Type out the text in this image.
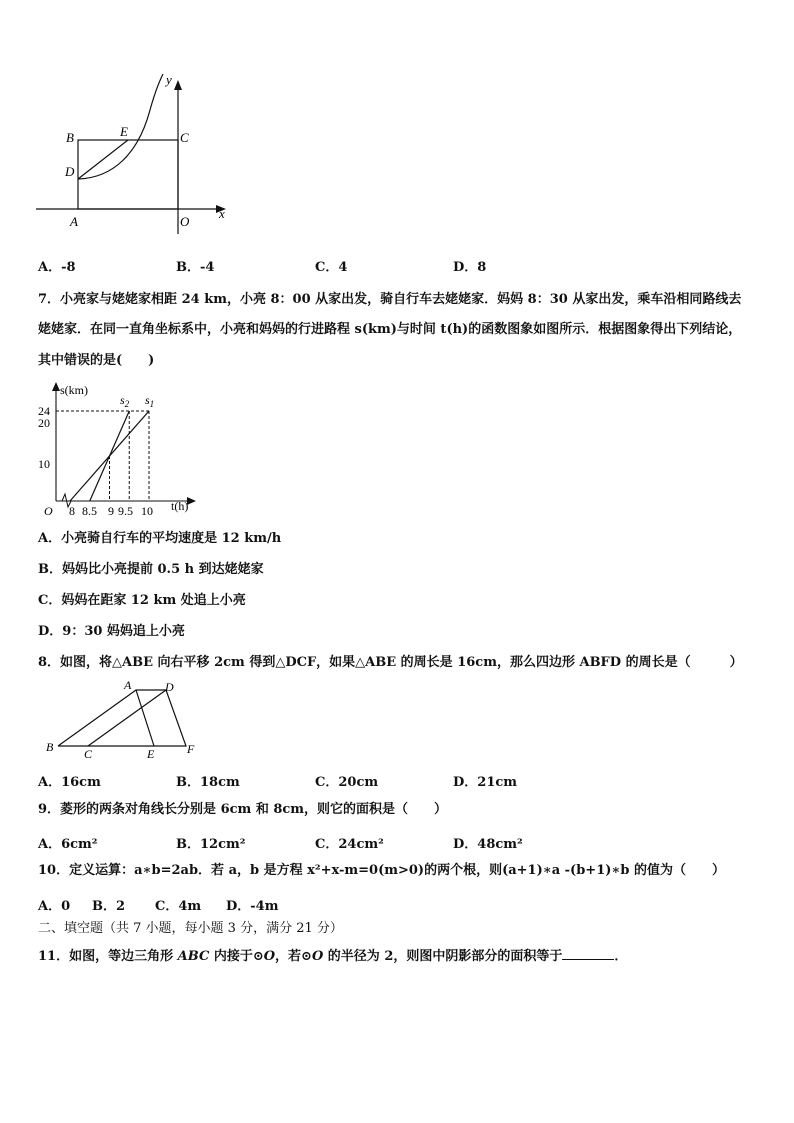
y
x
B	E	C
D
A	O
A．-8	B．-4	C．4	D．8
7．小亮家与姥姥家相距 24 km，小亮 8：00 从家出发，骑自行车去姥姥家．妈妈 8：30 从家出发，乘车沿相同路线去
姥姥家．在同一直角坐标系中，小亮和妈妈的行进路程 s(km)与时间 t(h)的函数图象如图所示．根据图象得出下列结论，
其中错误的是(　　)
s(km)
t(h)
O
24
20
10
8 8.5 9 9.5 10
$s_2$ $s_1$
A．小亮骑自行车的平均速度是 12 km/h
B．妈妈比小亮提前 0.5 h 到达姥姥家
C．妈妈在距家 12 km 处追上小亮
D．9：30 妈妈追上小亮
8．如图，将△ABE 向右平移 2cm 得到△DCF，如果△ABE 的周长是 16cm，那么四边形 ABFD 的周长是（　　　）
A	D
B	C	E	F
A．16cm	B．18cm	C．20cm	D．21cm
9．菱形的两条对角线长分别是 6cm 和 8cm，则它的面积是（　　）
A．6cm²	B．12cm²	C．24cm²	D．48cm²
10．定义运算：a∗b=2ab．若 a，b 是方程 x²+x-m=0(m>0)的两个根，则(a+1)∗a -(b+1)∗b 的值为（　　）
A．0 B．2 C．4m D．-4m
二、填空题（共 7 小题，每小题 3 分，满分 21 分）
11．如图，等边三角形 ABC 内接于⊙O，若⊙O 的半径为 2，则图中阴影部分的面积等于	．
